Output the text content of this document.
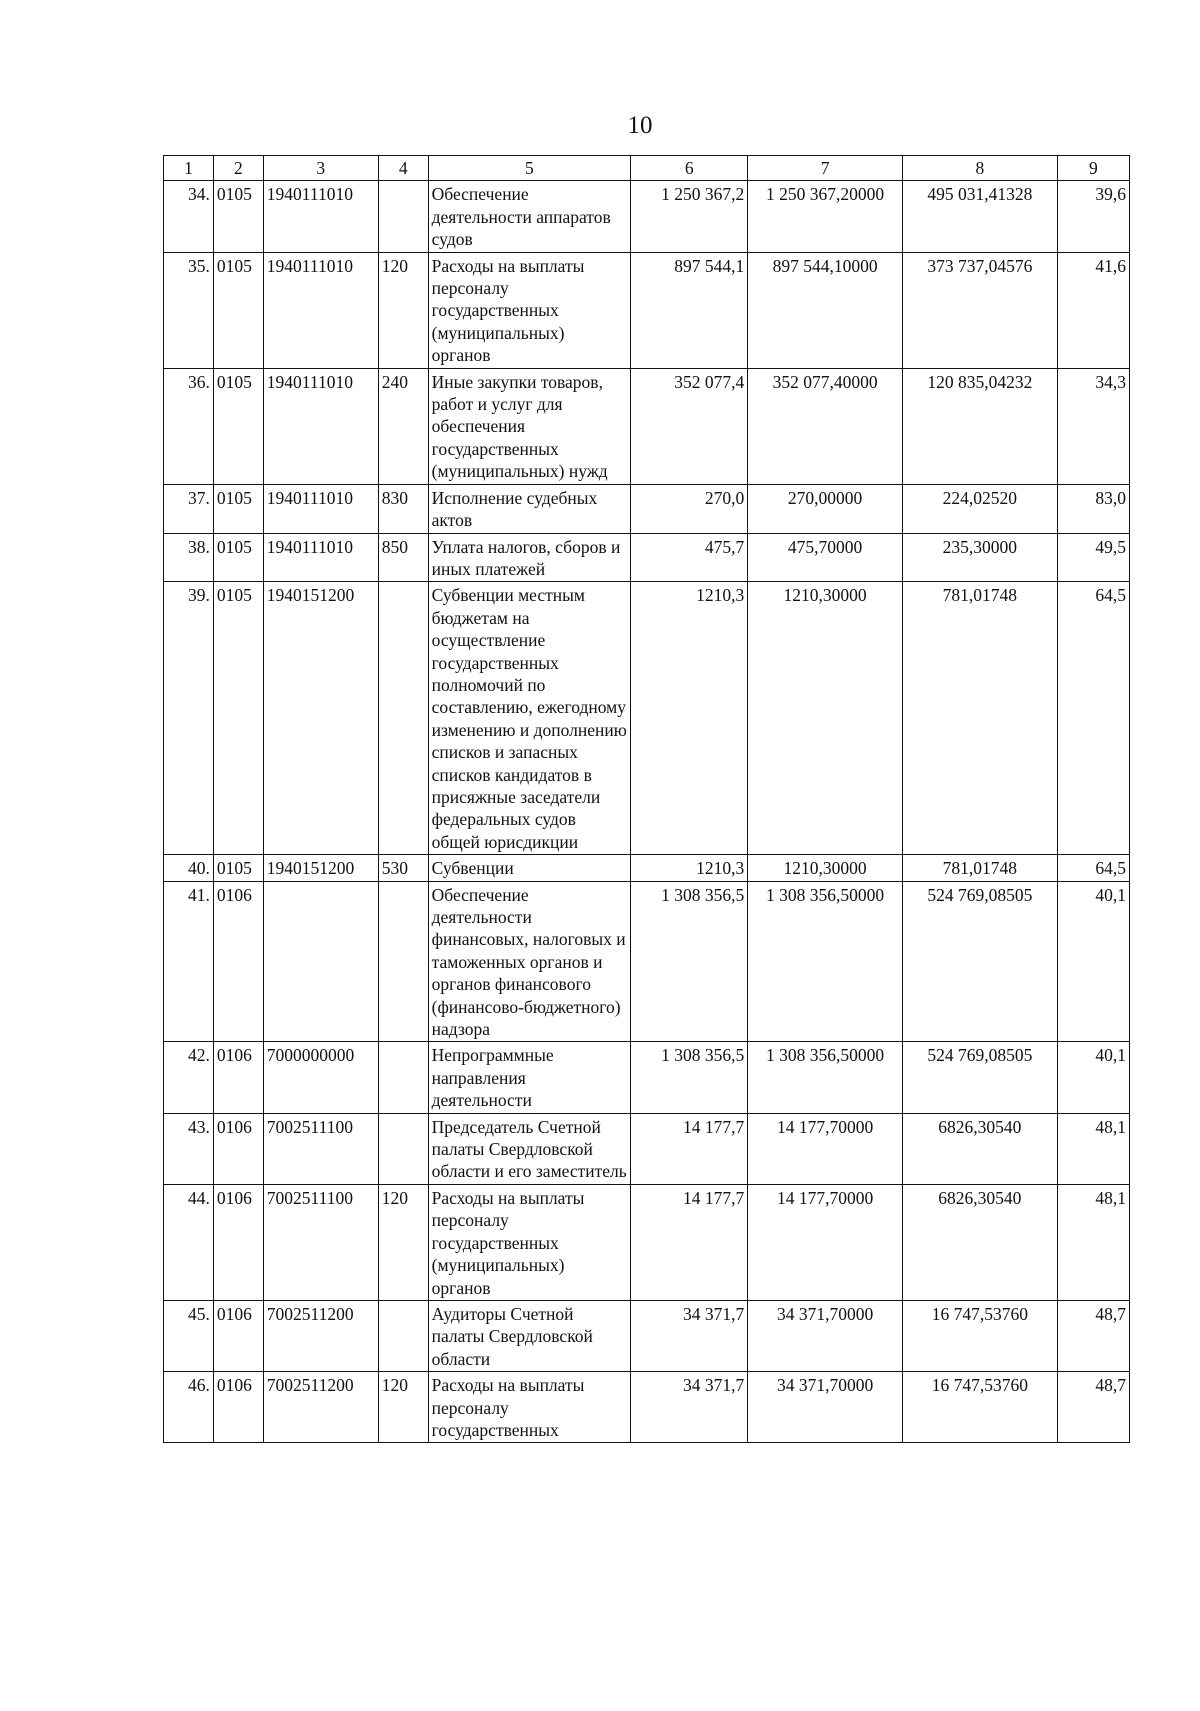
10
1	2	3	4	5	6	7	8	9
34.	0105	1940111010		Обеспечение деятельности аппаратов судов	1 250 367,2	1 250 367,20000	495 031,41328	39,6
35.	0105	1940111010	120	Расходы на выплаты персоналу государственных (муниципальных) органов	897 544,1	897 544,10000	373 737,04576	41,6
36.	0105	1940111010	240	Иные закупки товаров, работ и услуг для обеспечения государственных (муниципальных) нужд	352 077,4	352 077,40000	120 835,04232	34,3
37.	0105	1940111010	830	Исполнение судебных актов	270,0	270,00000	224,02520	83,0
38.	0105	1940111010	850	Уплата налогов, сборов и иных платежей	475,7	475,70000	235,30000	49,5
39.	0105	1940151200		Субвенции местным бюджетам на осуществление государственных полномочий по составлению, ежегодному изменению и дополнению списков и запасных списков кандидатов в присяжные заседатели федеральных судов общей юрисдикции	1210,3	1210,30000	781,01748	64,5
40.	0105	1940151200	530	Субвенции	1210,3	1210,30000	781,01748	64,5
41.	0106			Обеспечение деятельности финансовых, налоговых и таможенных органов и органов финансового (финансово-бюджетного) надзора	1 308 356,5	1 308 356,50000	524 769,08505	40,1
42.	0106	7000000000		Непрограммные направления деятельности	1 308 356,5	1 308 356,50000	524 769,08505	40,1
43.	0106	7002511100		Председатель Счетной палаты Свердловской области и его заместитель	14 177,7	14 177,70000	6826,30540	48,1
44.	0106	7002511100	120	Расходы на выплаты персоналу государственных (муниципальных) органов	14 177,7	14 177,70000	6826,30540	48,1
45.	0106	7002511200		Аудиторы Счетной палаты Свердловской области	34 371,7	34 371,70000	16 747,53760	48,7
46.	0106	7002511200	120	Расходы на выплаты персоналу государственных	34 371,7	34 371,70000	16 747,53760	48,7
